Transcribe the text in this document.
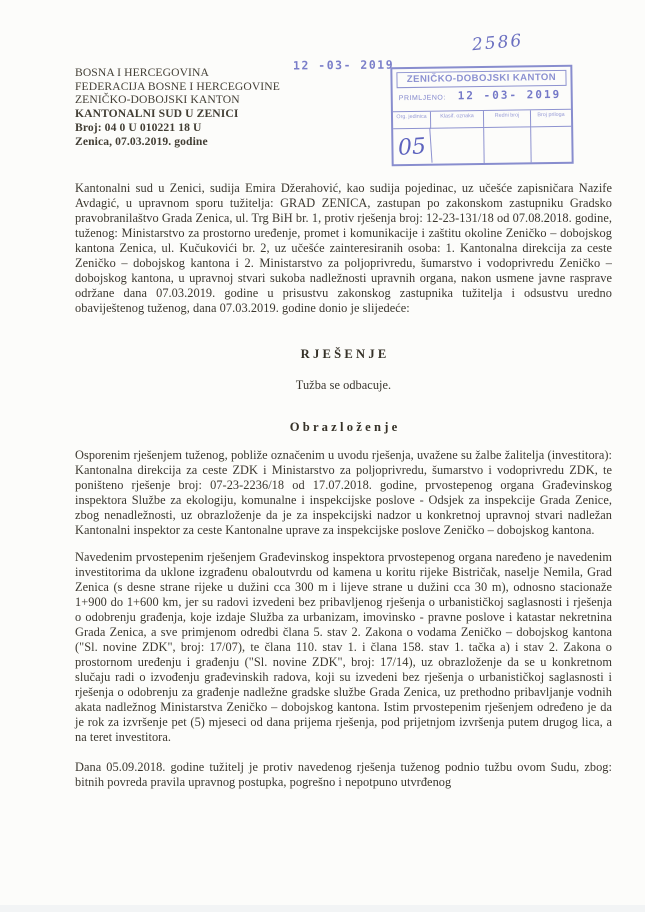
2586
12 -03- 2019
BOSNA I HERCEGOVINA
FEDERACIJA BOSNE I HERCEGOVINE
ZENIČKO-DOBOJSKI KANTON
KANTONALNI SUD U ZENICI
Broj: 04 0 U 010221 18 U
Zenica, 07.03.2019. godine
ZENIČKO-DOBOJSKI KANTON
PRIMLJENO: 12 -03- 2019
Org. jedinica	Klasif. oznaka	Redni broj	Broj priloga
05

Kantonalni sud u Zenici, sudija Emira Džerahović, kao sudija pojedinac, uz učešće zapisničara Nazife Avdagić, u upravnom sporu tužitelja: GRAD ZENICA, zastupan po zakonskom zastupniku Gradsko pravobranilaštvo Grada Zenica, ul. Trg BiH br. 1, protiv rješenja broj: 12-23-131/18 od 07.08.2018. godine, tuženog: Ministarstvo za prostorno uređenje, promet i komunikacije i zaštitu okoline Zeničko – dobojskog kantona Zenica, ul. Kučukovići br. 2, uz učešće zainteresiranih osoba: 1. Kantonalna direkcija za ceste Zeničko – dobojskog kantona i 2. Ministarstvo za poljoprivredu, šumarstvo i vodoprivredu Zeničko – dobojskog kantona, u upravnoj stvari sukoba nadležnosti upravnih organa, nakon usmene javne rasprave održane dana 07.03.2019. godine u prisustvu zakonskog zastupnika tužitelja i odsustvu uredno obaviještenog tuženog, dana 07.03.2019. godine donio je slijedeće:

R J E Š E N J E
Tužba se odbacuje.
O b r a z l o ž e n j e

Osporenim rješenjem tuženog, pobliže označenim u uvodu rješenja, uvažene su žalbe žalitelja (investitora): Kantonalna direkcija za ceste ZDK i Ministarstvo za poljoprivredu, šumarstvo i vodoprivredu ZDK, te poništeno rješenje broj: 07-23-2236/18 od 17.07.2018. godine, prvostepenog organa Građevinskog inspektora Službe za ekologiju, komunalne i inspekcijske poslove - Odsjek za inspekcije Grada Zenice, zbog nenadležnosti, uz obrazloženje da je za inspekcijski nadzor u konkretnoj upravnoj stvari nadležan Kantonalni inspektor za ceste Kantonalne uprave za inspekcijske poslove Zeničko – dobojskog kantona.

Navedenim prvostepenim rješenjem Građevinskog inspektora prvostepenog organa naređeno je navedenim investitorima da uklone izgrađenu obaloutvrdu od kamena u koritu rijeke Bistričak, naselje Nemila, Grad Zenica (s desne strane rijeke u dužini cca 300 m i lijeve strane u dužini cca 30 m), odnosno stacionaže 1+900 do 1+600 km, jer su radovi izvedeni bez pribavljenog rješenja o urbanističkoj saglasnosti i rješenja o odobrenju građenja, koje izdaje Služba za urbanizam, imovinsko - pravne poslove i katastar nekretnina Grada Zenica, a sve primjenom odredbi člana 5. stav 2. Zakona o vodama Zeničko – dobojskog kantona ("Sl. novine ZDK", broj: 17/07), te člana 110. stav 1. i člana 158. stav 1. tačka a) i stav 2. Zakona o prostornom uređenju i građenju ("Sl. novine ZDK", broj: 17/14), uz obrazloženje da se u konkretnom slučaju radi o izvođenju građevinskih radova, koji su izvedeni bez rješenja o urbanističkoj saglasnosti i rješenja o odobrenju za građenje nadležne gradske službe Grada Zenica, uz prethodno pribavljanje vodnih akata nadležnog Ministarstva Zeničko – dobojskog kantona. Istim prvostepenim rješenjem određeno je da je rok za izvršenje pet (5) mjeseci od dana prijema rješenja, pod prijetnjom izvršenja putem drugog lica, a na teret investitora.

Dana 05.09.2018. godine tužitelj je protiv navedenog rješenja tuženog podnio tužbu ovom Sudu, zbog: bitnih povreda pravila upravnog postupka, pogrešno i nepotpuno utvrđenog
